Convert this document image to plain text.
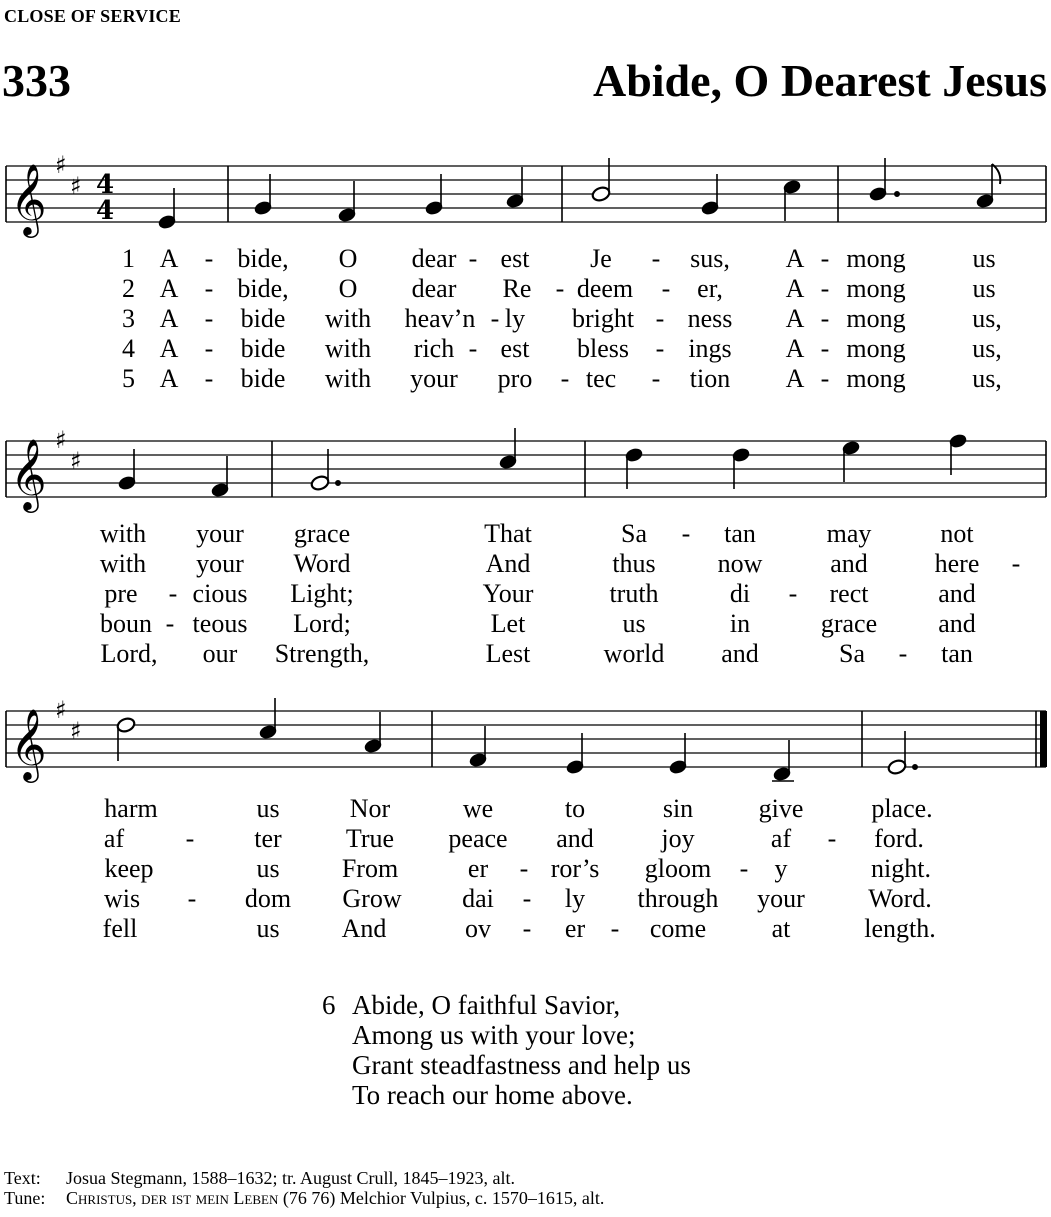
CLOSE OF SERVICE
333	Abide, O Dearest Jesus
𝄞 ♯
♯ 4
4
1
2
3
4
5
A - bide, O dear - est Je - sus, A - mong	us
A - bide, O dear Re - deem - er, A - mong	us
A - bide with heav’n - ly bright - ness A - mong	us,
A - bide with rich - est bless - ings A - mong	us,
A - bide with your pro - tec - tion A - mong	us,
𝄞 ♯
♯
with your grace	That	Sa - tan	may	not
with your Word	And	thus now	and	here -
pre - cious Light;	Your	truth	di - rect	and
boun - teous Lord;	Let	us	in	grace and
Lord, our Strength,	Lest	world and	Sa - tan
𝄞 ♯
♯
harm	us	Nor	we	to	sin	give	place.
af - ter True peace and	joy	af - ford.
keep	us From	er - ror’s gloom - y	night.
wis - dom Grow dai - ly through your Word.
fell	us And	ov - er - come	at	length.
6 Abide, O faithful Savior,
Among us with your love;
Grant steadfastness and help us
To reach our home above.
Text:	Josua Stegmann, 1588–1632; tr. August Crull, 1845–1923, alt.
Tune:	Christus, der ist mein Leben (76 76) Melchior Vulpius, c. 1570–1615, alt.
